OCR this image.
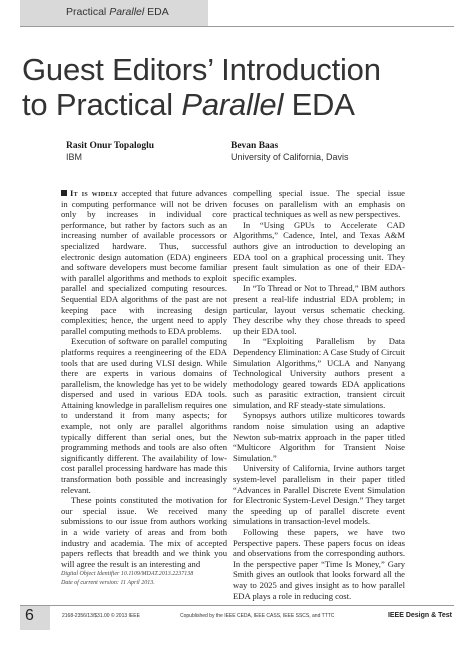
Practical Parallel EDA
Guest Editors’ Introduction
to Practical Parallel EDA
Rasit Onur Topaloglu
IBM
Bevan Baas
University of California, Davis

It is widely accepted that future advances in computing performance will not be driven only by increases in individual core performance, but rather by factors such as an increasing number of available processors or specialized hardware. Thus, successful electronic design automation (EDA) engineers and software developers must become familiar with parallel algorithms and methods to exploit parallel and specialized computing resources. Sequential EDA algorithms of the past are not keeping pace with increasing design complexities; hence, the urgent need to apply parallel computing methods to EDA problems.

Execution of software on parallel computing platforms requires a reengineering of the EDA tools that are used during VLSI design. While there are experts in various domains of parallelism, the knowledge has yet to be widely dispersed and used in various EDA tools. Attaining knowledge in parallelism requires one to understand it from many aspects; for example, not only are parallel algorithms typically different than serial ones, but the programming methods and tools are also often significantly different. The availability of low-cost parallel processing hardware has made this transformation both possible and increasingly relevant.

These points constituted the motivation for our special issue. We received many submissions to our issue from authors working in a wide variety of areas and from both industry and academia. The mix of accepted papers reflects that breadth and we think you will agree the result is an interesting and

compelling special issue. The special issue focuses on parallelism with an emphasis on practical techniques as well as new perspectives.

In “Using GPUs to Accelerate CAD Algorithms,” Cadence, Intel, and Texas A&M authors give an introduction to developing an EDA tool on a graphical processing unit. They present fault simulation as one of their EDA-specific examples.

In “To Thread or Not to Thread,” IBM authors present a real-life industrial EDA problem; in particular, layout versus schematic checking. They describe why they chose threads to speed up their EDA tool.

In “Exploiting Parallelism by Data Dependency Elimination: A Case Study of Circuit Simulation Algorithms,” UCLA and Nanyang Technological University authors present a methodology geared towards EDA applications such as parasitic extraction, transient circuit simulation, and RF steady-state simulations.

Synopsys authors utilize multicores towards random noise simulation using an adaptive Newton sub-matrix approach in the paper titled “Multicore Algorithm for Transient Noise Simulation.”

University of California, Irvine authors target system-level parallelism in their paper titled “Advances in Parallel Discrete Event Simulation for Electronic System-Level Design.” They target the speeding up of parallel discrete event simulations in transaction-level models.

Following these papers, we have two Perspective papers. These papers focus on ideas and observations from the corresponding authors. In the perspective paper “Time Is Money,” Gary Smith gives an outlook that looks forward all the way to 2025 and gives insight as to how parallel EDA plays a role in reducing cost.

Digital Object Identifier 10.1109/MDAT.2013.2237138
Date of current version: 11 April 2013.
6	2168-2356/13/$31.00 © 2013 IEEE	Copublished by the IEEE CEDA, IEEE CASS, IEEE SSCS, and TTTC	IEEE Design & Test
